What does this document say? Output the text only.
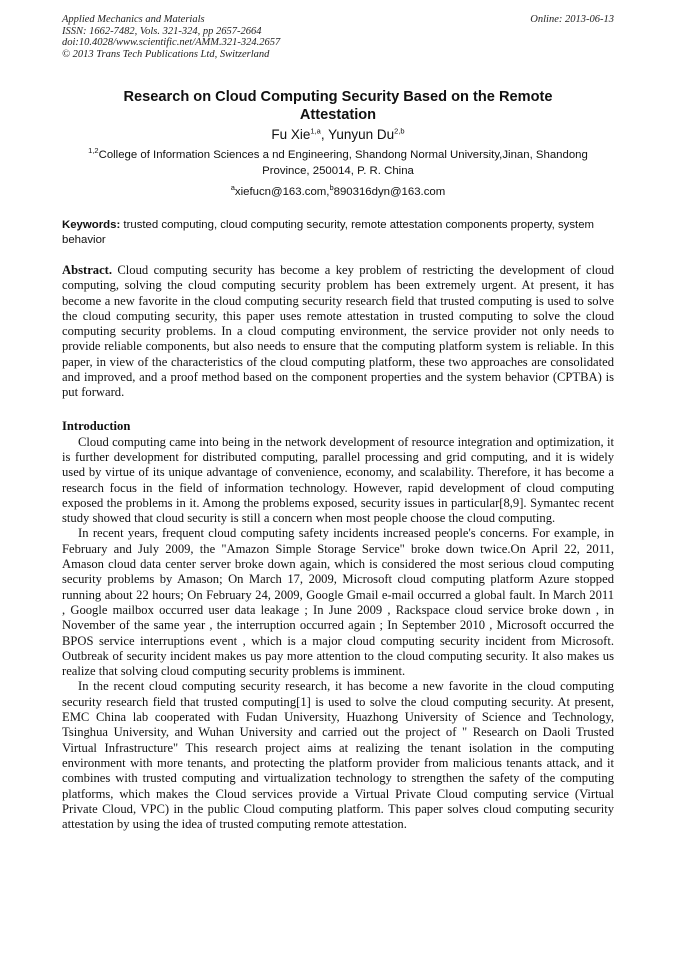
Applied Mechanics and Materials
ISSN: 1662-7482, Vols. 321-324, pp 2657-2664
doi:10.4028/www.scientific.net/AMM.321-324.2657
© 2013 Trans Tech Publications Ltd, Switzerland
Online: 2013-06-13
Research on Cloud Computing Security Based on the Remote
Attestation
Fu Xie$^{1,a}$, Yunyun Du$^{2,b}$
$^{1,2}$College of Information Sciences a nd Engineering, Shandong Normal University,Jinan, Shandong
Province, 250014, P. R. China
$^a$xiefucn@163.com,$^b$890316dyn@163.com
Keywords: trusted computing, cloud computing security, remote attestation components property, system behavior
Abstract. Cloud computing security has become a key problem of restricting the development of cloud computing, solving the cloud computing security problem has been extremely urgent. At present, it has become a new favorite in the cloud computing security research field that trusted computing is used to solve the cloud computing security, this paper uses remote attestation in trusted computing to solve the cloud computing security problems. In a cloud computing environment, the service provider not only needs to provide reliable components, but also needs to ensure that the computing platform system is reliable. In this paper, in view of the characteristics of the cloud computing platform, these two approaches are consolidated and improved, and a proof method based on the component properties and the system behavior (CPTBA) is put forward.
Introduction

Cloud computing came into being in the network development of resource integration and optimization, it is further development for distributed computing, parallel processing and grid computing, and it is widely used by virtue of its unique advantage of convenience, economy, and scalability. Therefore, it has become a research focus in the field of information technology. However, rapid development of cloud computing exposed the problems in it. Among the problems exposed, security issues in particular[8,9]. Symantec recent study showed that cloud security is still a concern when most people choose the cloud computing.

In recent years, frequent cloud computing safety incidents increased people's concerns. For example, in February and July 2009, the "Amazon Simple Storage Service" broke down twice.On April 22, 2011, Amason cloud data center server broke down again, which is considered the most serious cloud computing security problems by Amason; On March 17, 2009, Microsoft cloud computing platform Azure stopped running about 22 hours; On February 24, 2009, Google Gmail e-mail occurred a global fault. In March 2011 , Google mailbox occurred user data leakage ; In June 2009 , Rackspace cloud service broke down , in November of the same year , the interruption occurred again ; In September 2010 , Microsoft occurred the BPOS service interruptions event , which is a major cloud computing security incident from Microsoft. Outbreak of security incident makes us pay more attention to the cloud computing security. It also makes us realize that solving cloud computing security problems is imminent.

In the recent cloud computing security research, it has become a new favorite in the cloud computing security research field that trusted computing[1] is used to solve the cloud computing security. At present, EMC China lab cooperated with Fudan University, Huazhong University of Science and Technology, Tsinghua University, and Wuhan University and carried out the project of " Research on Daoli Trusted Virtual Infrastructure" This research project aims at realizing the tenant isolation in the computing environment with more tenants, and protecting the platform provider from malicious tenants attack, and it combines with trusted computing and virtualization technology to strengthen the safety of the computing platforms, which makes the Cloud services provide a Virtual Private Cloud computing service (Virtual Private Cloud, VPC) in the public Cloud computing platform. This paper solves cloud computing security attestation by using the idea of trusted computing remote attestation.
